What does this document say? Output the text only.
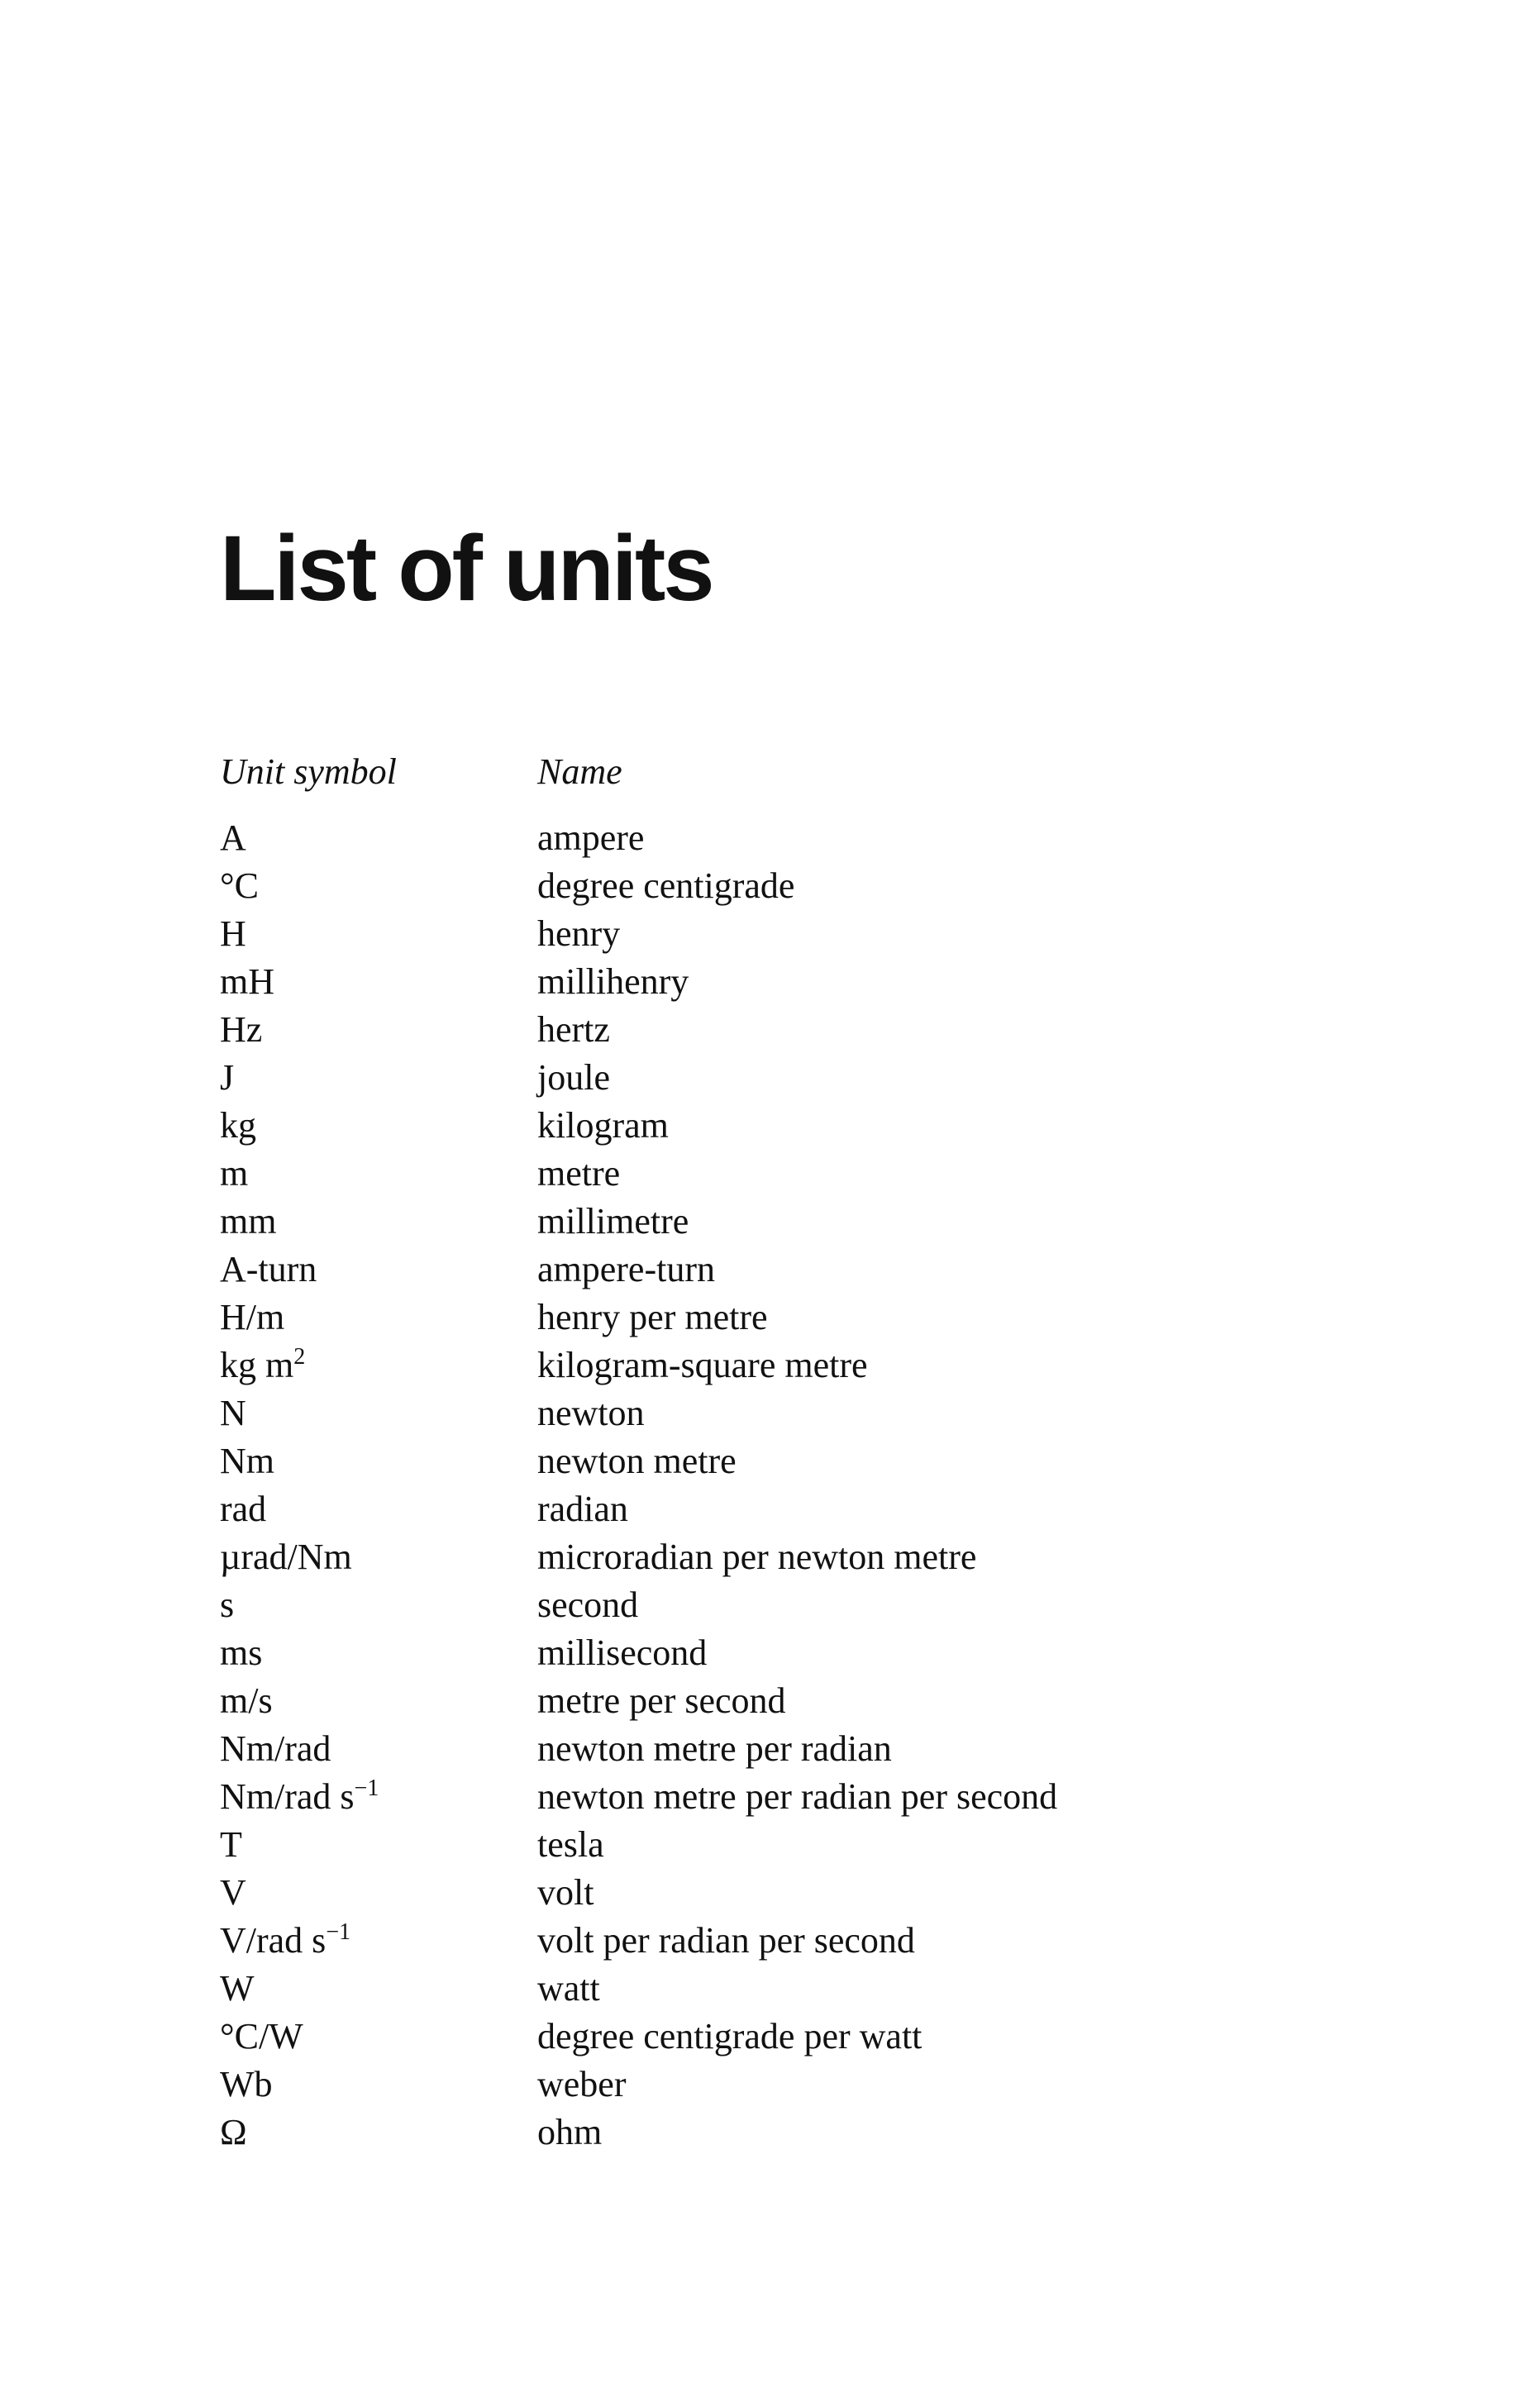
List of units
Unit symbol	Name
A	ampere
°C	degree centigrade
H	henry
mH	millihenry
Hz	hertz
J	joule
kg	kilogram
m	metre
mm	millimetre
A-turn	ampere-turn
H/m	henry per metre
kg $m^2$	kilogram-square metre
N	newton
Nm	newton metre
rad	radian
µrad/Nm	microradian per newton metre
s	second
ms	millisecond
m/s	metre per second
Nm/rad	newton metre per radian
Nm/rad $s^{-1}$	newton metre per radian per second
T	tesla
V	volt
V/rad $s^{-1}$	volt per radian per second
W	watt
°C/W	degree centigrade per watt
Wb	weber
Ω	ohm
